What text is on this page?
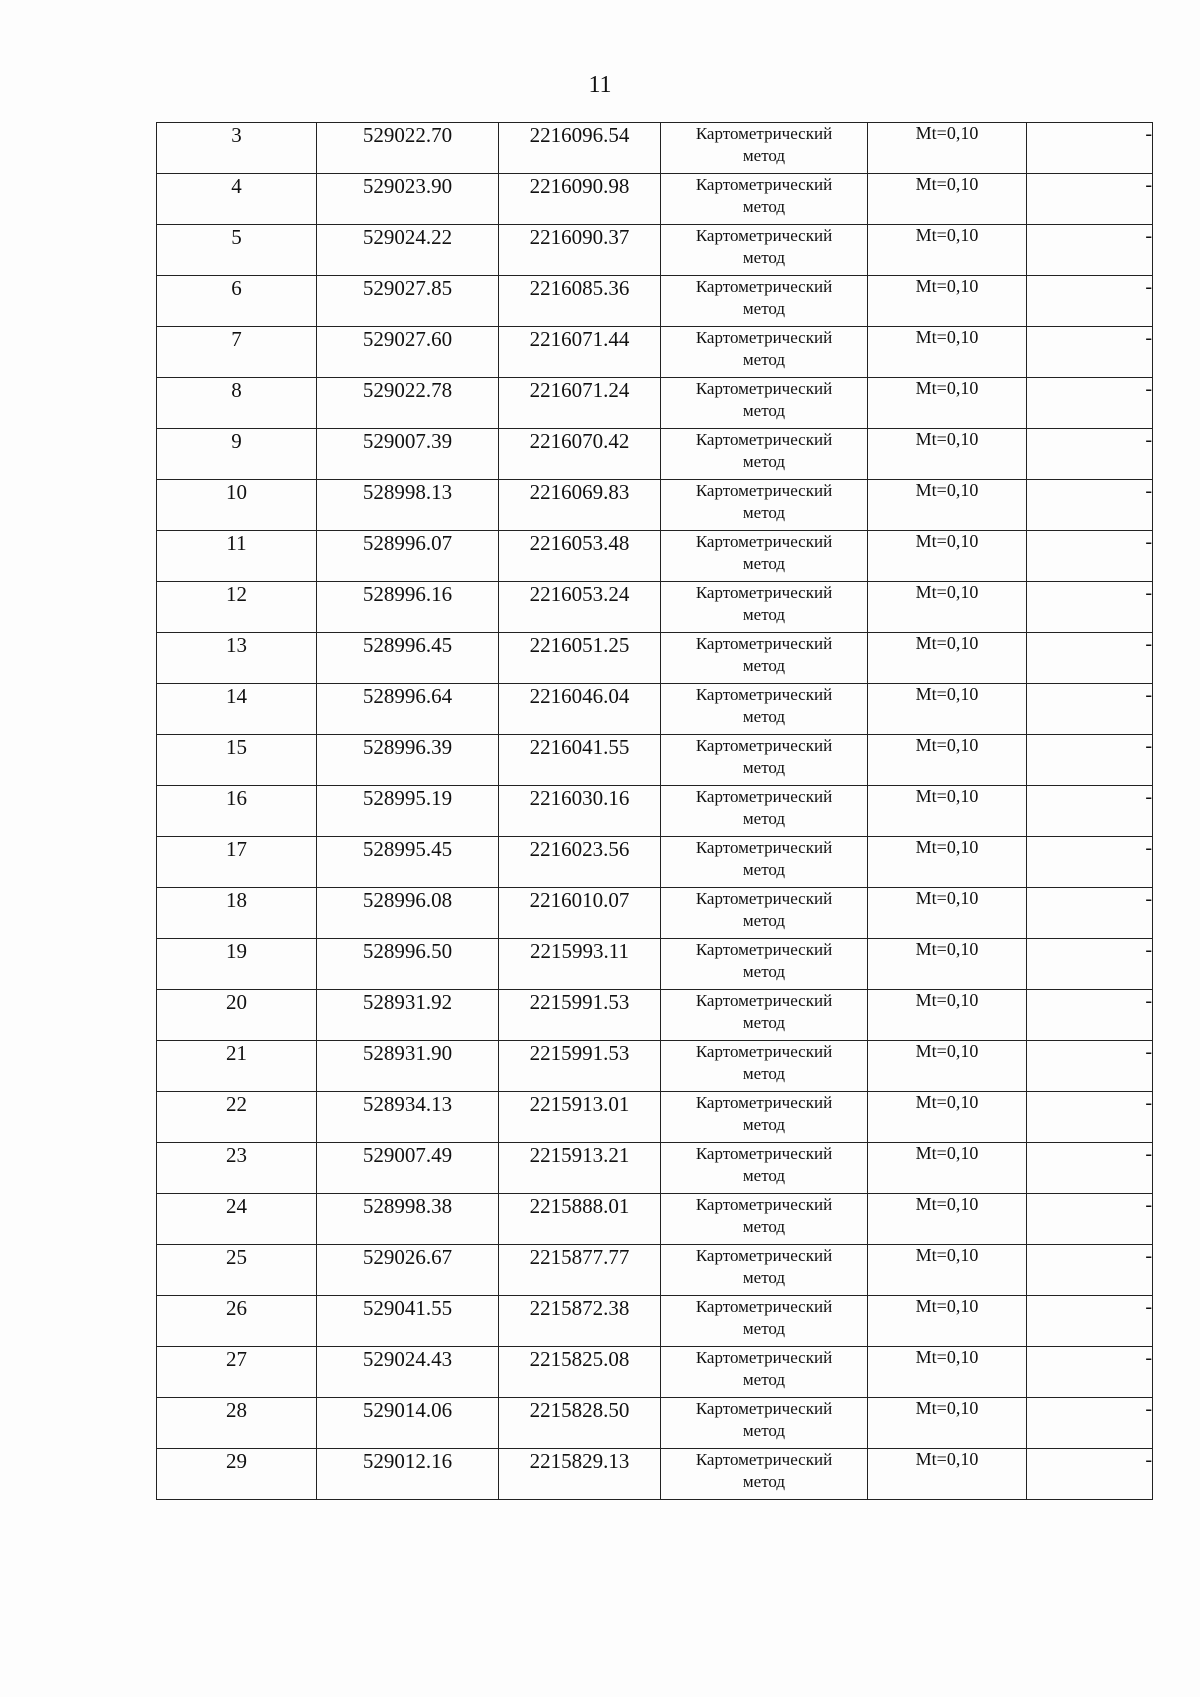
11
3	529022.70	2216096.54	Картометрический
метод	Mt=0,10	-
4	529023.90	2216090.98	Картометрический
метод	Mt=0,10	-
5	529024.22	2216090.37	Картометрический
метод	Mt=0,10	-
6	529027.85	2216085.36	Картометрический
метод	Mt=0,10	-
7	529027.60	2216071.44	Картометрический
метод	Mt=0,10	-
8	529022.78	2216071.24	Картометрический
метод	Mt=0,10	-
9	529007.39	2216070.42	Картометрический
метод	Mt=0,10	-
10	528998.13	2216069.83	Картометрический
метод	Mt=0,10	-
11	528996.07	2216053.48	Картометрический
метод	Mt=0,10	-
12	528996.16	2216053.24	Картометрический
метод	Mt=0,10	-
13	528996.45	2216051.25	Картометрический
метод	Mt=0,10	-
14	528996.64	2216046.04	Картометрический
метод	Mt=0,10	-
15	528996.39	2216041.55	Картометрический
метод	Mt=0,10	-
16	528995.19	2216030.16	Картометрический
метод	Mt=0,10	-
17	528995.45	2216023.56	Картометрический
метод	Mt=0,10	-
18	528996.08	2216010.07	Картометрический
метод	Mt=0,10	-
19	528996.50	2215993.11	Картометрический
метод	Mt=0,10	-
20	528931.92	2215991.53	Картометрический
метод	Mt=0,10	-
21	528931.90	2215991.53	Картометрический
метод	Mt=0,10	-
22	528934.13	2215913.01	Картометрический
метод	Mt=0,10	-
23	529007.49	2215913.21	Картометрический
метод	Mt=0,10	-
24	528998.38	2215888.01	Картометрический
метод	Mt=0,10	-
25	529026.67	2215877.77	Картометрический
метод	Mt=0,10	-
26	529041.55	2215872.38	Картометрический
метод	Mt=0,10	-
27	529024.43	2215825.08	Картометрический
метод	Mt=0,10	-
28	529014.06	2215828.50	Картометрический
метод	Mt=0,10	-
29	529012.16	2215829.13	Картометрический
метод	Mt=0,10	-
